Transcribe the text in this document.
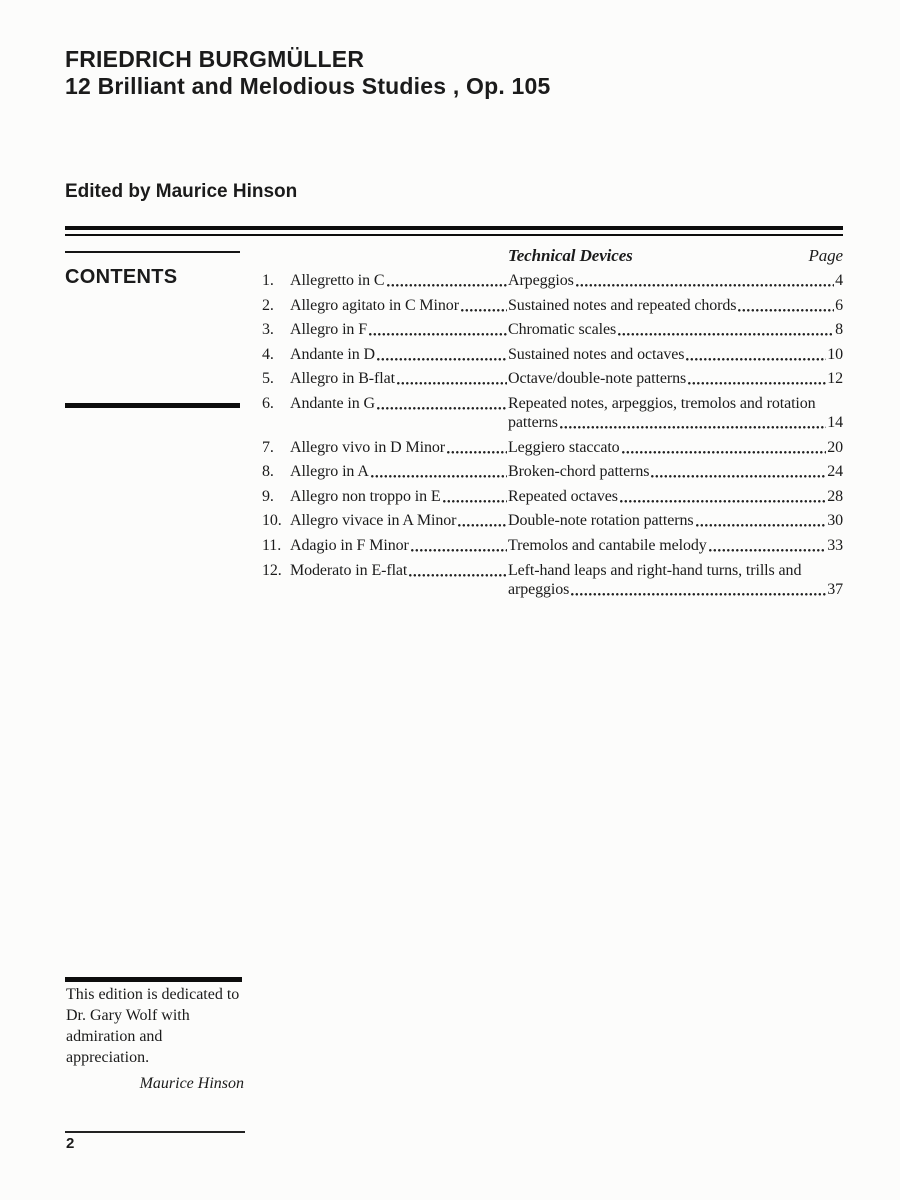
FRIEDRICH BURGMÜLLER
12 Brilliant and Melodious Studies , Op. 105
Edited by Maurice Hinson
CONTENTS
Technical Devices	Page
1.	Allegretto in C	Arpeggios	4
2.	Allegro agitato in C Minor	Sustained notes and repeated chords	6
3.	Allegro in F	Chromatic scales	8
4.	Andante in D	Sustained notes and octaves	10
5.	Allegro in B-flat	Octave/double-note patterns	12
6.	Andante in G	Repeated notes, arpeggios, tremolos and rotation
patterns	14
7.	Allegro vivo in D Minor	Leggiero staccato	20
8.	Allegro in A	Broken-chord patterns	24
9.	Allegro non troppo in E	Repeated octaves	28
10. Allegro vivace in A Minor	Double-note rotation patterns	30
11. Adagio in F Minor	Tremolos and cantabile melody	33
12. Moderato in E-flat	Left-hand leaps and right-hand turns, trills and
arpeggios	37
This edition is dedicated to
Dr. Gary Wolf with
admiration and
appreciation.
Maurice Hinson
2
